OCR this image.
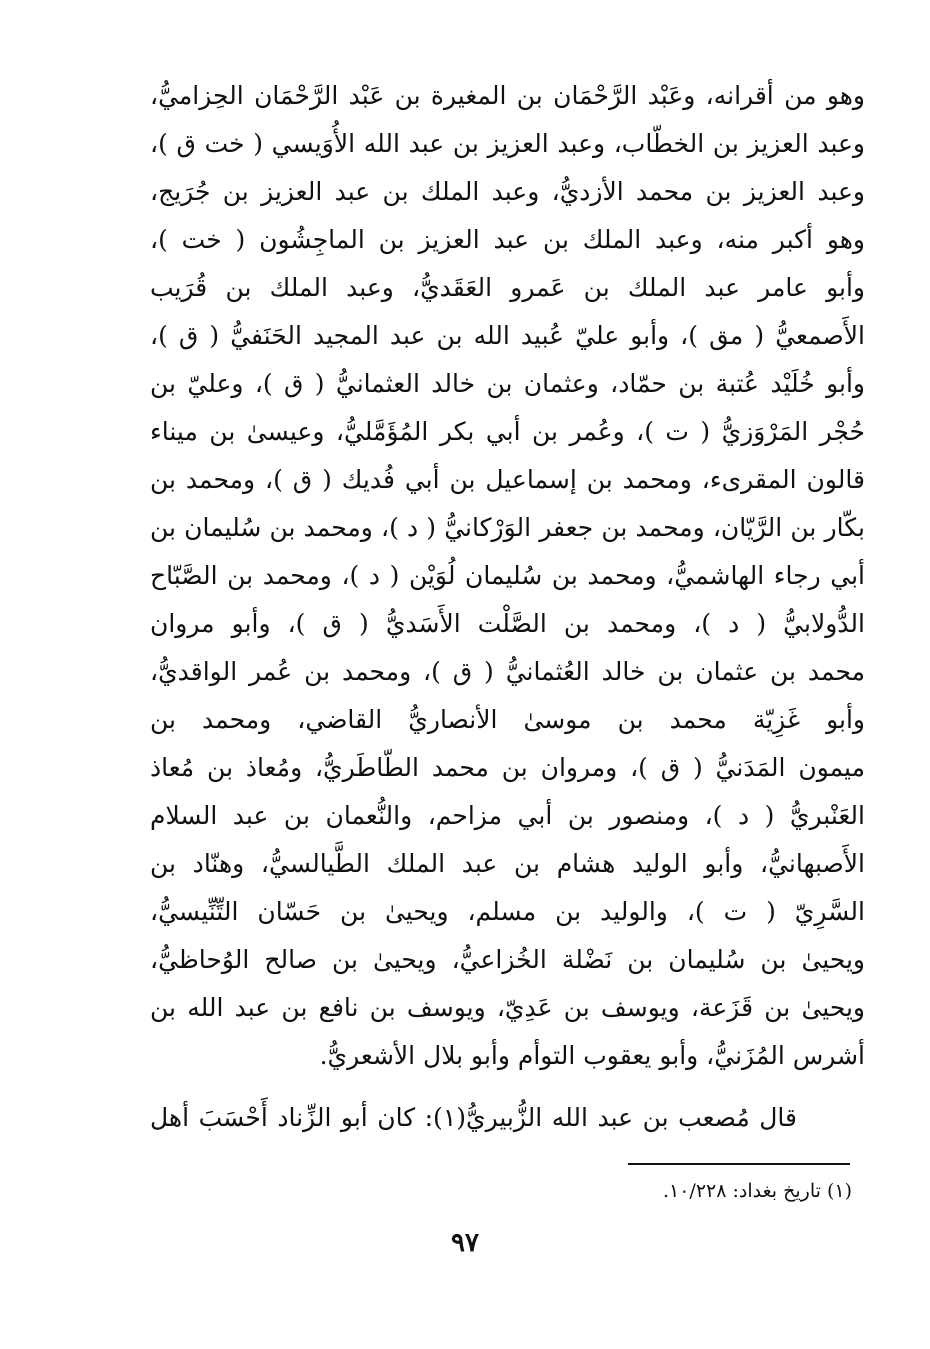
وهو من أقرانه، وعَبْد الرَّحْمَان بن المغيرة بن عَبْد الرَّحْمَان الحِزاميُّ،
وعبد العزيز بن الخطّاب، وعبد العزيز بن عبد الله الأُوَيسي ( خت ق )،
وعبد العزيز بن محمد الأزديُّ، وعبد الملك بن عبد العزيز بن جُرَيج،
وهو أكبر منه، وعبد الملك بن عبد العزيز بن الماجِشُون ( خت )،
وأبو عامر عبد الملك بن عَمرو العَقَديُّ، وعبد الملك بن قُرَيب
الأَصمعيُّ ( مق )، وأبو عليّ عُبيد الله بن عبد المجيد الحَنَفيُّ ( ق )،
وأبو خُلَيْد عُتبة بن حمّاد، وعثمان بن خالد العثمانيُّ ( ق )، وعليّ بن
حُجْر المَرْوَزيُّ ( ت )، وعُمر بن أبي بكر المُؤَمَّليُّ، وعيسىٰ بن ميناء
قالون المقرىء، ومحمد بن إسماعيل بن أبي فُديك ( ق )، ومحمد بن
بكّار بن الرَّيّان، ومحمد بن جعفر الوَرْكانيُّ ( د )، ومحمد بن سُليمان بن
أبي رجاء الهاشميُّ، ومحمد بن سُليمان لُوَيْن ( د )، ومحمد بن الصَّبّاح
الدُّولابيُّ ( د )، ومحمد بن الصَّلْت الأَسَديُّ ( ق )، وأبو مروان
محمد بن عثمان بن خالد العُثمانيُّ ( ق )، ومحمد بن عُمر الواقديُّ،
وأبو غَزِيّة محمد بن موسىٰ الأنصاريُّ القاضي، ومحمد بن
ميمون المَدَنيُّ ( ق )، ومروان بن محمد الطّاطَريُّ، ومُعاذ بن مُعاذ
العَنْبريُّ ( د )، ومنصور بن أبي مزاحم، والنُّعمان بن عبد السلام
الأَصبهانيُّ، وأبو الوليد هشام بن عبد الملك الطَّيالسيُّ، وهنّاد بن
السَّرِيّ ( ت )، والوليد بن مسلم، ويحيىٰ بن حَسّان التِّنِّيسيُّ،
ويحيىٰ بن سُليمان بن نَضْلة الخُزاعيُّ، ويحيىٰ بن صالح الوُحاظيُّ،
ويحيىٰ بن قَزَعة، ويوسف بن عَدِيّ، ويوسف بن نافع بن عبد الله بن
أشرس المُزَنيُّ، وأبو يعقوب التوأم وأبو بلال الأشعريُّ.
قال مُصعب بن عبد الله الزُّبيريُّ(١): كان أبو الزِّناد أَحْسَبَ أهل
(١) تاريخ بغداد: ١٠/٢٢٨.
٩٧
